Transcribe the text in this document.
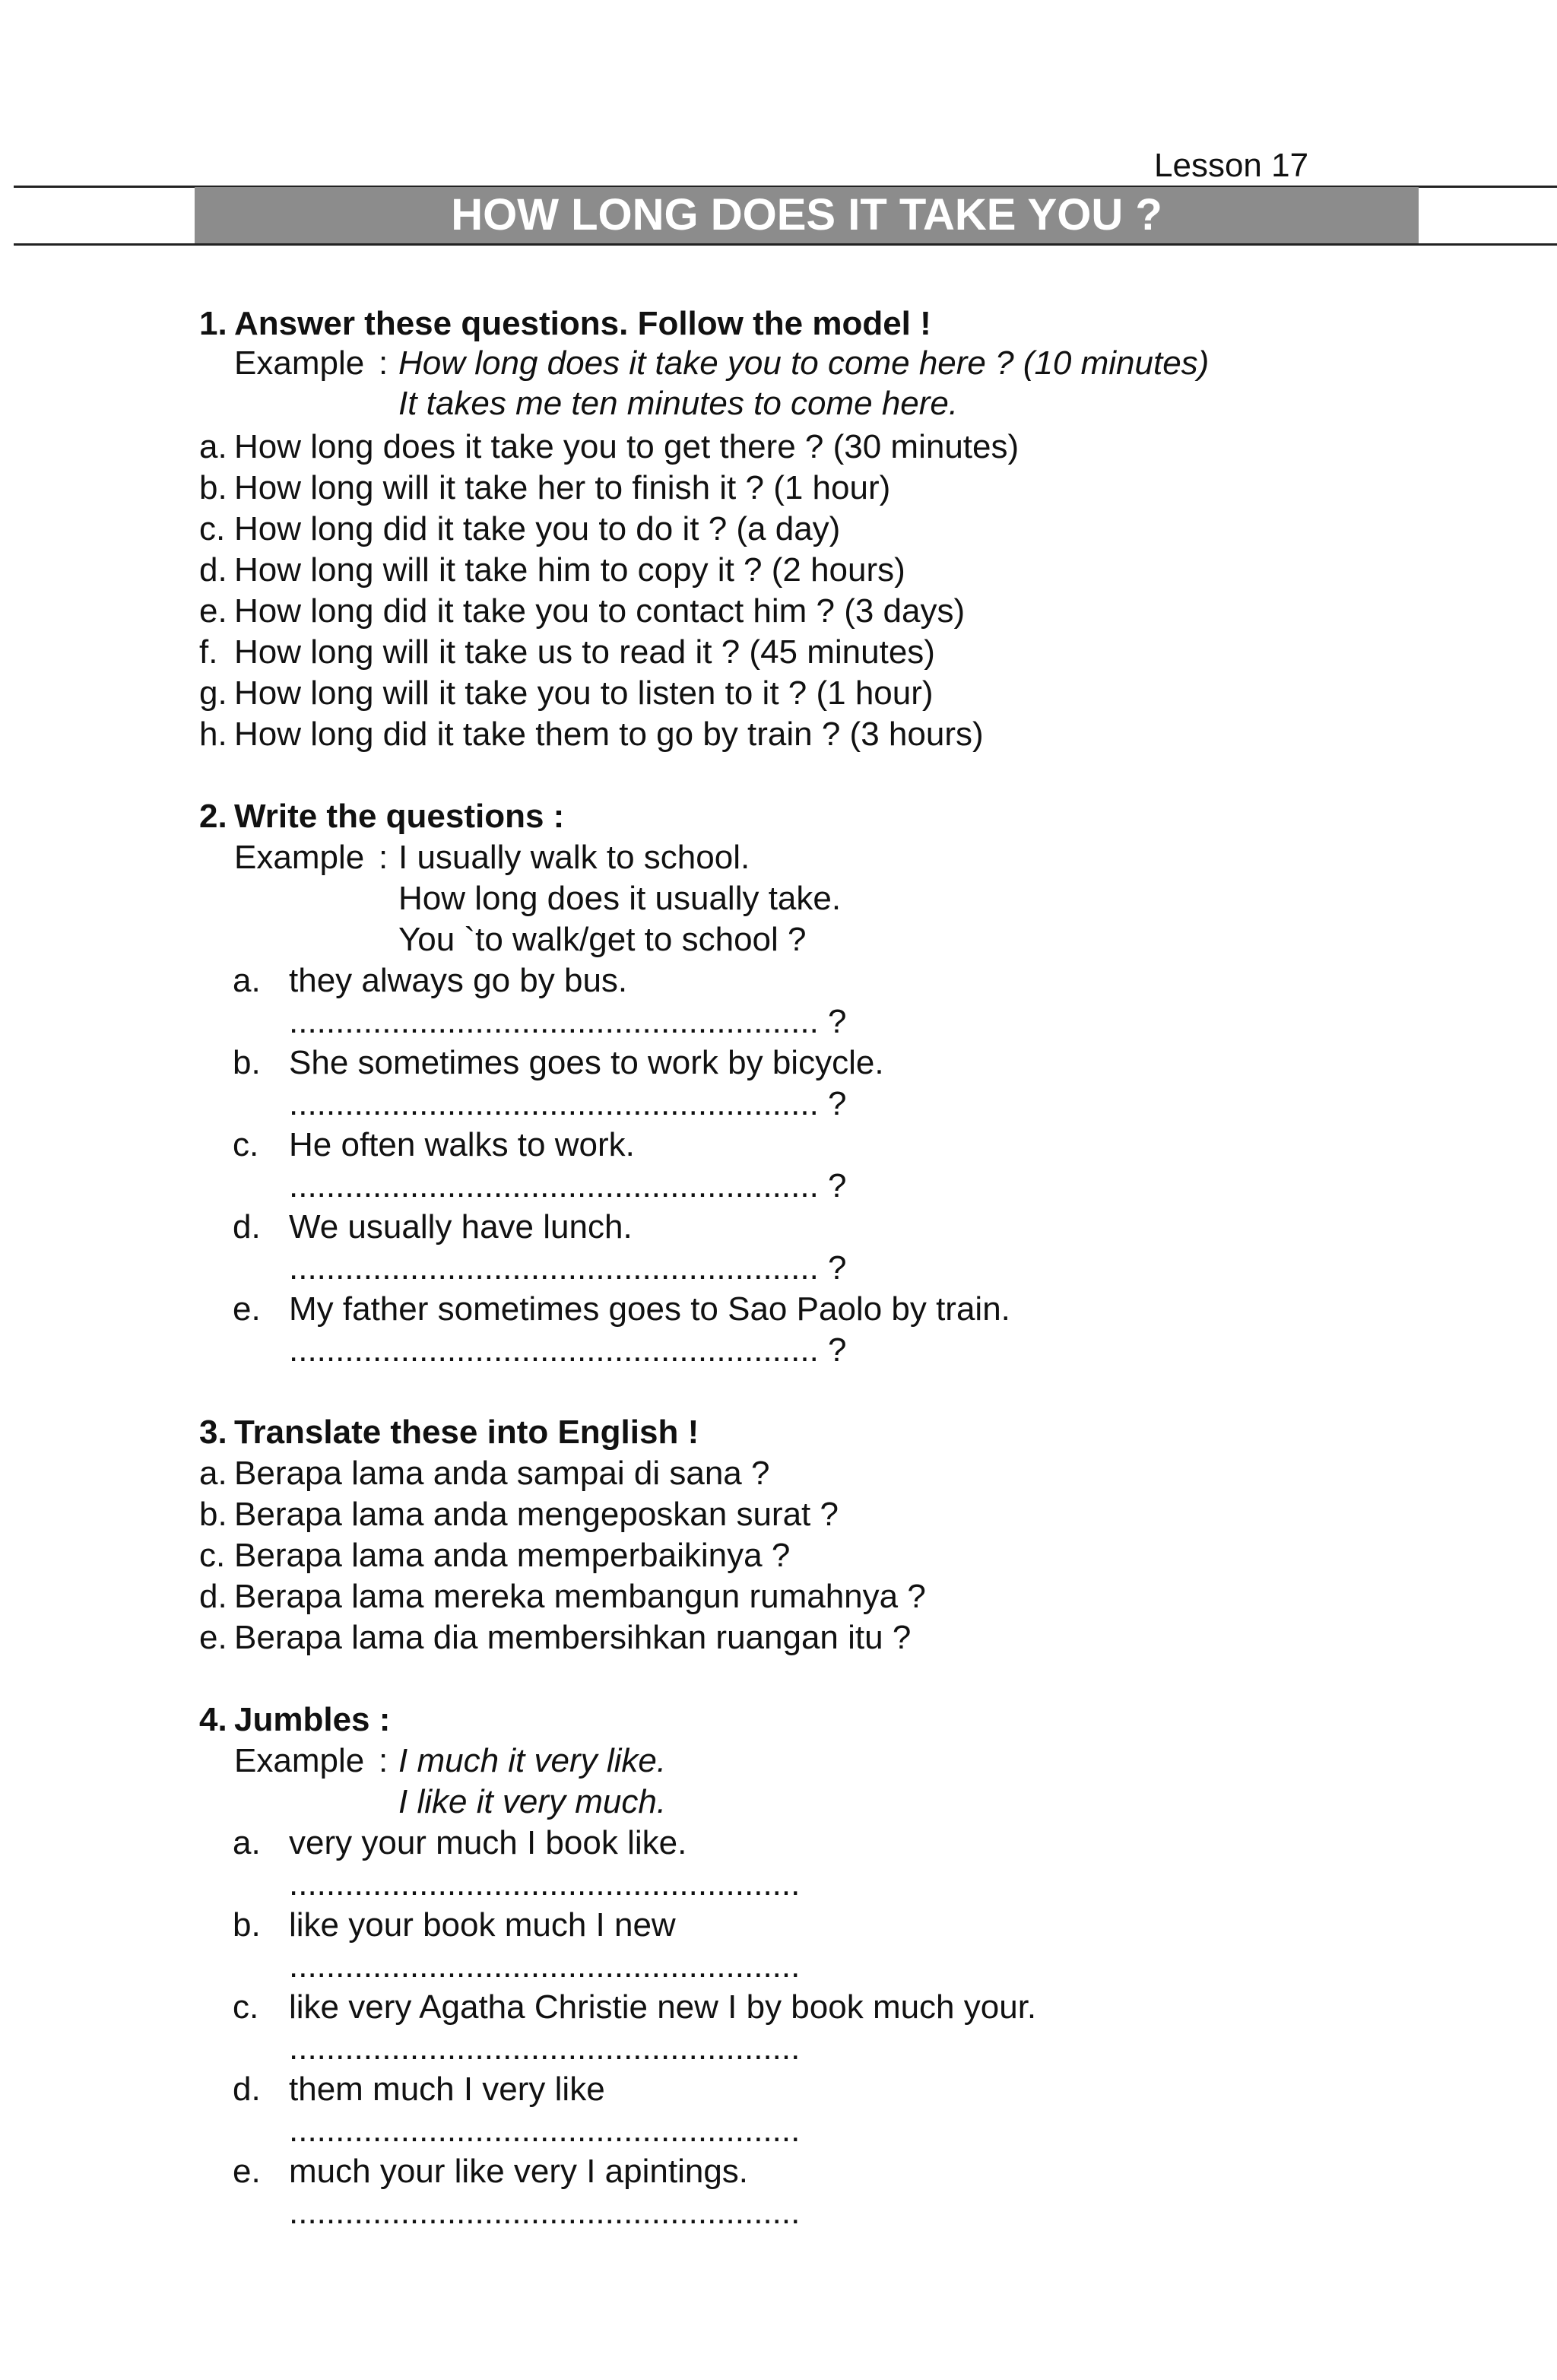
Lesson 17
HOW LONG DOES IT TAKE YOU ?
1. Answer these questions. Follow the model !
Example : How long does it take you to come here ? (10 minutes)
It takes me ten minutes to come here.
a. How long does it take you to get there ? (30 minutes)
b. How long will it take her to finish it ? (1 hour)
c. How long did it take you to do it ? (a day)
d. How long will it take him to copy it ? (2 hours)
e. How long did it take you to contact him ? (3 days)
f. How long will it take us to read it ? (45 minutes)
g. How long will it take you to listen to it ? (1 hour)
h. How long did it take them to go by train ? (3 hours)
2. Write the questions :
Example : I usually walk to school.
How long does it usually take.
You `to walk/get to school ?
a. they always go by bus.
......................................................... ?
b. She sometimes goes to work by bicycle.
......................................................... ?
c. He often walks to work.
......................................................... ?
d. We usually have lunch.
......................................................... ?
e. My father sometimes goes to Sao Paolo by train.
......................................................... ?
3. Translate these into English !
a. Berapa lama anda sampai di sana ?
b. Berapa lama anda mengeposkan surat ?
c. Berapa lama anda memperbaikinya ?
d. Berapa lama mereka membangun rumahnya ?
e. Berapa lama dia membersihkan ruangan itu ?
4. Jumbles :
Example : I much it very like.
I like it very much.
a. very your much I book like.
.......................................................
b. like your book much I new
.......................................................
c. like very Agatha Christie new I by book much your.
.......................................................
d. them much I very like
.......................................................
e. much your like very I apintings.
.......................................................
